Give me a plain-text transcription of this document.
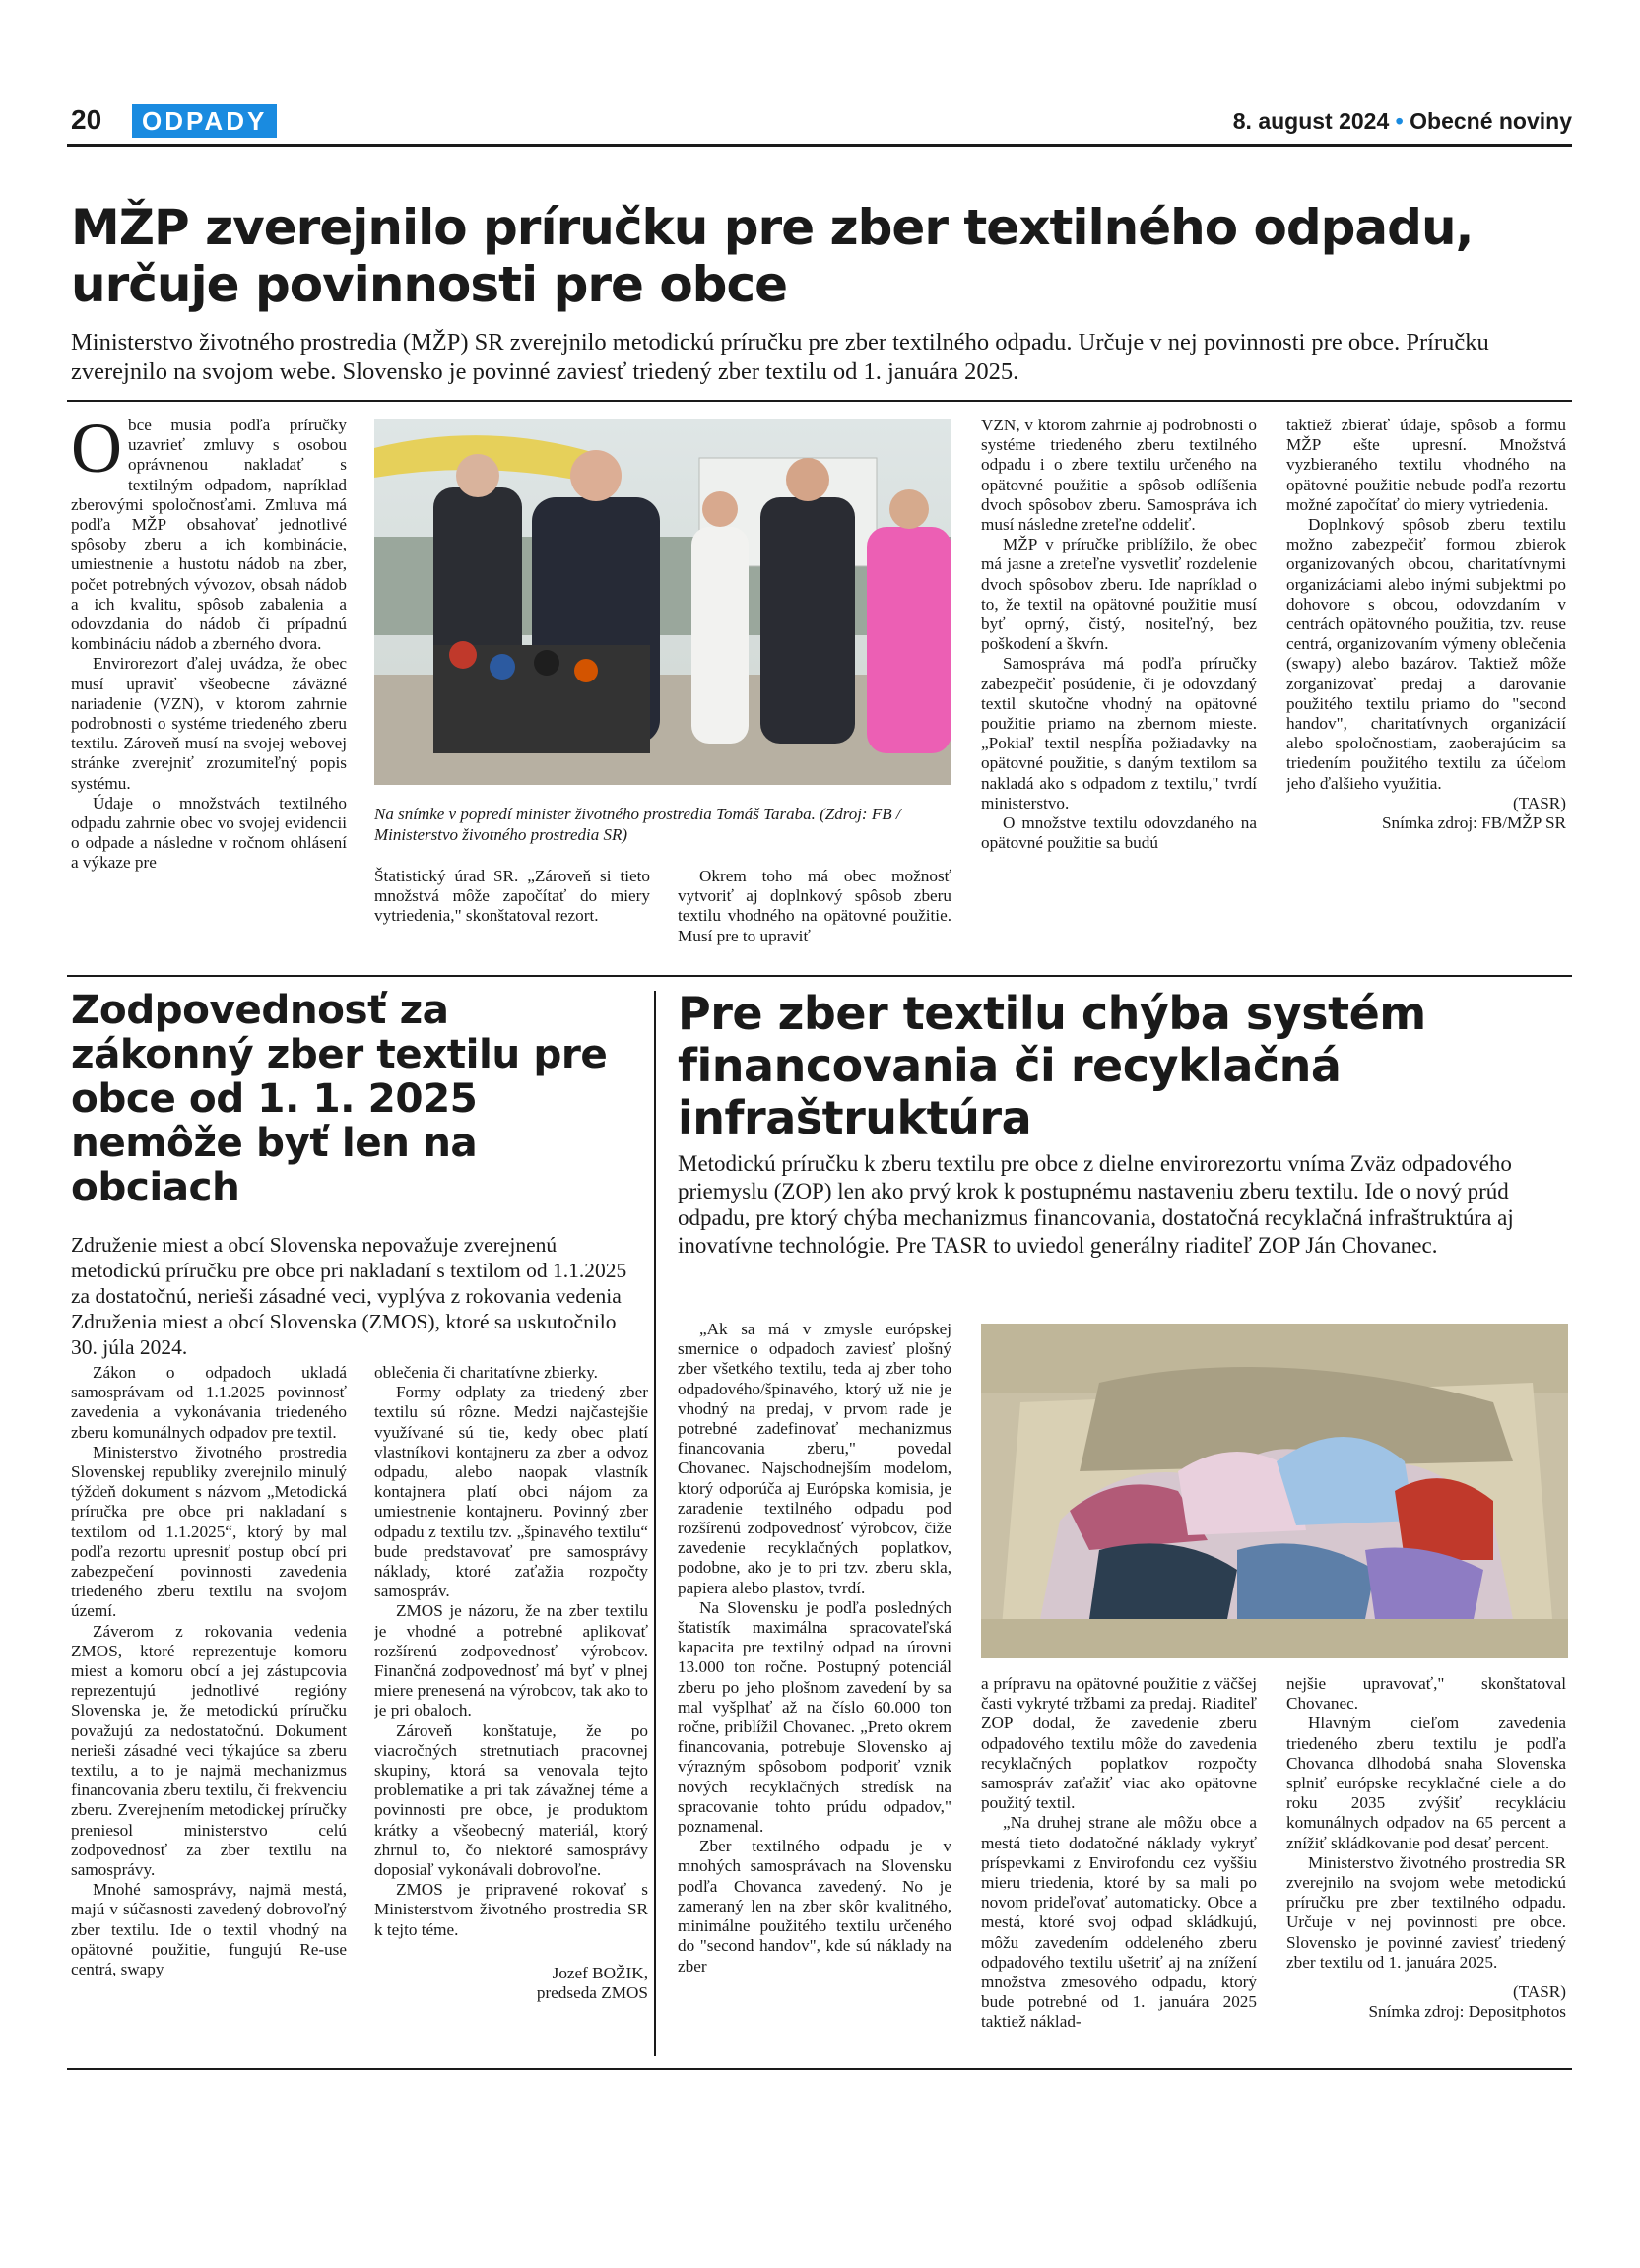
20	ODPADY	8. august 2024 • Obecné noviny
MŽP zverejnilo príručku pre zber textilného odpadu, určuje povinnosti pre obce

Ministerstvo životného prostredia (MŽP) SR zverejnilo metodickú príručku pre zber textilného odpadu. Určuje v nej povinnosti pre obce. Príručku zverejnilo na svojom webe. Slovensko je povinné zaviesť triedený zber textilu od 1. januára 2025.

Obce musia podľa príručky uzavrieť zmluvy s osobou oprávnenou nakladať s textilným odpadom, napríklad zberovými spoločnosťami. Zmluva má podľa MŽP obsahovať jednotlivé spôsoby zberu a ich kombinácie, umiestnenie a hustotu nádob na zber, počet potrebných vývozov, obsah nádob a ich kvalitu, spôsob zabalenia a odovzdania do nádob či prípadnú kombináciu nádob a zberného dvora.

Envirorezort ďalej uvádza, že obec musí upraviť všeobecne záväzné nariadenie (VZN), v ktorom zahrnie podrobnosti o systéme triedeného zberu textilu. Zároveň musí na svojej webovej stránke zverejniť zrozumiteľný popis systému.

Údaje o množstvách textilného odpadu zahrnie obec vo svojej evidencii o odpade a následne v ročnom ohlásení a výkaze pre

Na snímke v popredí minister životného prostredia Tomáš Taraba. (Zdroj: FB / Ministerstvo životného prostredia SR)

Štatistický úrad SR. „Zároveň si tieto množstvá môže započítať do miery vytriedenia," skonštatoval rezort.

Okrem toho má obec možnosť vytvoriť aj doplnkový spôsob zberu textilu vhodného na opätovné použitie. Musí pre to upraviť

VZN, v ktorom zahrnie aj podrobnosti o systéme triedeného zberu textilného odpadu i o zbere textilu určeného na opätovné použitie a spôsob odlíšenia dvoch spôsobov zberu. Samospráva ich musí následne zreteľne oddeliť.

MŽP v príručke priblížilo, že obec má jasne a zreteľne vysvetliť rozdelenie dvoch spôsobov zberu. Ide napríklad o to, že textil na opätovné použitie musí byť oprný, čistý, nositeľný, bez poškodení a škvŕn.

Samospráva má podľa príručky zabezpečiť posúdenie, či je odovzdaný textil skutočne vhodný na opätovné použitie priamo na zbernom mieste. „Pokiaľ textil nespĺňa požiadavky na opätovné použitie, s daným textilom sa nakladá ako s odpadom z textilu," tvrdí ministerstvo.

O množstve textilu odovzdaného na opätovné použitie sa budú

taktiež zbierať údaje, spôsob a formu MŽP ešte upresní. Množstvá vyzbieraného textilu vhodného na opätovné použitie nebude podľa rezortu možné započítať do miery vytriedenia.

Doplnkový spôsob zberu textilu možno zabezpečiť formou zbierok organizovaných obcou, charitatívnymi organizáciami alebo inými subjektmi po dohovore s obcou, odovzdaním v centrách opätovného použitia, tzv. reuse centrá, organizovaním výmeny oblečenia (swapy) alebo bazárov. Taktiež môže zorganizovať predaj a darovanie použitého textilu priamo do "second handov", charitatívnych organizácií alebo spoločnostiam, zaoberajúcim sa triedením použitého textilu za účelom jeho ďalšieho využitia.

(TASR)

Snímka zdroj: FB/MŽP SR

Zodpovednosť za zákonný zber textilu pre obce od 1. 1. 2025 nemôže byť len na obciach

Združenie miest a obcí Slovenska nepovažuje zverejnenú metodickú príručku pre obce pri nakladaní s textilom od 1.1.2025 za dostatočnú, nerieši zásadné veci, vyplýva z rokovania vedenia Združenia miest a obcí Slovenska (ZMOS), ktoré sa uskutočnilo 30. júla 2024.

Zákon o odpadoch ukladá samosprávam od 1.1.2025 povinnosť zavedenia a vykonávania triedeného zberu komunálnych odpadov pre textil.

Ministerstvo životného prostredia Slovenskej republiky zverejnilo minulý týždeň dokument s názvom „Metodická príručka pre obce pri nakladaní s textilom od 1.1.2025“, ktorý by mal podľa rezortu upresniť postup obcí pri zabezpečení povinnosti zavedenia triedeného zberu textilu na svojom území.

Záverom z rokovania vedenia ZMOS, ktoré reprezentuje komoru miest a komoru obcí a jej zástupcovia reprezentujú jednotlivé regióny Slovenska je, že metodickú príručku považujú za nedostatočnú. Dokument nerieši zásadné veci týkajúce sa zberu textilu, a to je najmä mechanizmus financovania zberu textilu, či frekvenciu zberu. Zverejnením metodickej príručky preniesol ministerstvo celú zodpovednosť za zber textilu na samosprávy.

Mnohé samosprávy, najmä mestá, majú v súčasnosti zavedený dobrovoľný zber textilu. Ide o textil vhodný na opätovné použitie, fungujú Re-use centrá, swapy

oblečenia či charitatívne zbierky.

Formy odplaty za triedený zber textilu sú rôzne. Medzi najčastejšie využívané sú tie, kedy obec platí vlastníkovi kontajneru za zber a odvoz odpadu, alebo naopak vlastník kontajnera platí obci nájom za umiestnenie kontajneru. Povinný zber odpadu z textilu tzv. „špinavého textilu“ bude predstavovať pre samosprávy náklady, ktoré zaťažia rozpočty samospráv.

ZMOS je názoru, že na zber textilu je vhodné a potrebné aplikovať rozšírenú zodpovednosť výrobcov. Finančná zodpovednosť má byť v plnej miere prenesená na výrobcov, tak ako to je pri obaloch.

Zároveň konštatuje, že po viacročných stretnutiach pracovnej skupiny, ktorá sa venovala tejto problematike a pri tak závažnej téme a povinnosti pre obce, je produktom krátky a všeobecný materiál, ktorý zhrnul to, čo niektoré samosprávy doposiaľ vykonávali dobrovoľne.

ZMOS je pripravené rokovať s Ministerstvom životného prostredia SR k tejto téme.

Jozef BOŽIK,

predseda ZMOS

Pre zber textilu chýba systém financovania či recyklačná infraštruktúra

Metodickú príručku k zberu textilu pre obce z dielne envirorezortu vníma Zväz odpadového priemyslu (ZOP) len ako prvý krok k postupnému nastaveniu zberu textilu. Ide o nový prúd odpadu, pre ktorý chýba mechanizmus financovania, dostatočná recyklačná infraštruktúra aj inovatívne technológie. Pre TASR to uviedol generálny riaditeľ ZOP Ján Chovanec.

„Ak sa má v zmysle európskej smernice o odpadoch zaviesť plošný zber všetkého textilu, teda aj zber toho odpadového/špinavého, ktorý už nie je vhodný na predaj, v prvom rade je potrebné zadefinovať mechanizmus financovania zberu," povedal Chovanec. Najschodnejším modelom, ktorý odporúča aj Európska komisia, je zaradenie textilného odpadu pod rozšírenú zodpovednosť výrobcov, čiže zavedenie recyklačných poplatkov, podobne, ako je to pri tzv. zberu skla, papiera alebo plastov, tvrdí.

Na Slovensku je podľa posledných štatistík maximálna spracovateľská kapacita pre textilný odpad na úrovni 13.000 ton ročne. Postupný potenciál zberu po jeho plošnom zavedení by sa mal vyšplhať až na číslo 60.000 ton ročne, priblížil Chovanec. „Preto okrem financovania, potrebuje Slovensko aj výrazným spôsobom podporiť vznik nových recyklačných stredísk na spracovanie tohto prúdu odpadov," poznamenal.

Zber textilného odpadu je v mnohých samosprávach na Slovensku podľa Chovanca zavedený. No je zameraný len na zber skôr kvalitného, minimálne použitého textilu určeného do "second handov", kde sú náklady na zber

a prípravu na opätovné použitie z väčšej časti vykryté tržbami za predaj. Riaditeľ ZOP dodal, že zavedenie zberu odpadového textilu môže do zavedenia recyklačných poplatkov rozpočty samospráv zaťažiť viac ako opätovne použitý textil.

„Na druhej strane ale môžu obce a mestá tieto dodatočné náklady vykryť príspevkami z Envirofondu cez vyššiu mieru triedenia, ktoré by sa mali po novom prideľovať automaticky. Obce a mestá, ktoré svoj odpad skládkujú, môžu zavedením oddeleného zberu odpadového textilu ušetriť aj na znížení množstva zmesového odpadu, ktorý bude potrebné od 1. januára 2025 taktiež náklad-

nejšie upravovať," skonštatoval Chovanec.

Hlavným cieľom zavedenia triedeného zberu textilu je podľa Chovanca dlhodobá snaha Slovenska splniť európske recyklačné ciele a do roku 2035 zvýšiť recykláciu komunálnych odpadov na 65 percent a znížiť skládkovanie pod desať percent.

Ministerstvo životného prostredia SR zverejnilo na svojom webe metodickú príručku pre zber textilného odpadu. Určuje v nej povinnosti pre obce. Slovensko je povinné zaviesť triedený zber textilu od 1. januára 2025.

(TASR)

Snímka zdroj: Depositphotos
